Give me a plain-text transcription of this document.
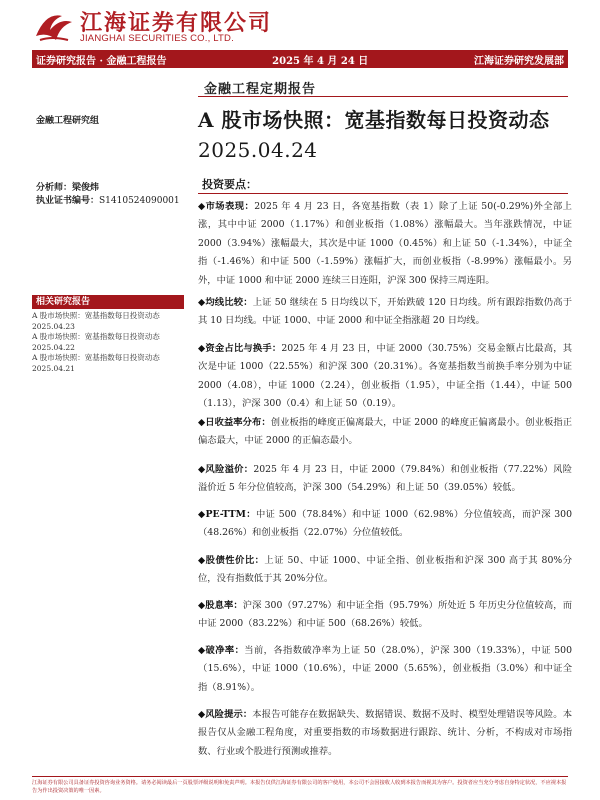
江海证券有限公司
JIANGHAI SECURITIES CO., LTD.
证券研究报告 · 金融工程报告	2025 年 4 月 24 日	江海证券研究发展部
金融工程定期报告
A 股市场快照：宽基指数每日投资动态
2025.04.24
金融工程研究组
分析师：梁俊炜
执业证书编号：S1410524090001
相关研究报告
A 股市场快照：宽基指数每日投资动态 2025.04.23
A 股市场快照：宽基指数每日投资动态 2025.04.22
A 股市场快照：宽基指数每日投资动态 2025.04.21
投资要点：
◆市场表现：2025 年 4 月 23 日，各宽基指数（表 1）除了上证 50(-0.29%)外全部上涨，其中中证 2000（1.17%）和创业板指（1.08%）涨幅最大。当年涨跌情况，中证 2000（3.94%）涨幅最大，其次是中证 1000（0.45%）和上证 50（-1.34%），中证全指（-1.46%）和中证 500（-1.59%）涨幅扩大，而创业板指（-8.99%）涨幅最小。另外，中证 1000 和中证 2000 连续三日连阳，沪深 300 保持三周连阳。
◆均线比较：上证 50 继续在 5 日均线以下，开始跌破 120 日均线。所有跟踪指数仍高于其 10 日均线。中证 1000、中证 2000 和中证全指涨超 20 日均线。
◆资金占比与换手：2025 年 4 月 23 日，中证 2000（30.75%）交易金额占比最高，其次是中证 1000（22.55%）和沪深 300（20.31%）。各宽基指数当前换手率分别为中证 2000（4.08），中证 1000（2.24），创业板指（1.95），中证全指（1.44），中证 500（1.13），沪深 300（0.4）和上证 50（0.19）。
◆日收益率分布：创业板指的峰度正偏离最大，中证 2000 的峰度正偏离最小。创业板指正偏态最大，中证 2000 的正偏态最小。
◆风险溢价：2025 年 4 月 23 日，中证 2000（79.84%）和创业板指（77.22%）风险溢价近 5 年分位值较高，沪深 300（54.29%）和上证 50（39.05%）较低。
◆PE-TTM：中证 500（78.84%）和中证 1000（62.98%）分位值较高，而沪深 300（48.26%）和创业板指（22.07%）分位值较低。
◆股债性价比：上证 50、中证 1000、中证全指、创业板指和沪深 300 高于其 80%分位，没有指数低于其 20%分位。
◆股息率：沪深 300（97.27%）和中证全指（95.79%）所处近 5 年历史分位值较高，而中证 2000（83.22%）和中证 500（68.26%）较低。
◆破净率：当前，各指数破净率为上证 50（28.0%），沪深 300（19.33%），中证 500（15.6%），中证 1000（10.6%），中证 2000（5.65%），创业板指（3.0%）和中证全指（8.91%）。
◆风险提示：本报告可能存在数据缺失、数据错误、数据不及时、模型处理错误等风险。本报告仅从金融工程角度，对重要指数的市场数据进行跟踪、统计、分析，不构成对市场指数、行业或个股进行预测或推荐。
江海证券有限公司具备证券投资咨询业务资格。请务必阅读最后一页股票评级说明和免责声明。本报告仅供江海证券有限公司的客户使用，本公司不会因接收人收到本报告而视其为客户。投资者应当充分考虑自身特定状况，不应视本报告为作出投资决策的唯一因素。
